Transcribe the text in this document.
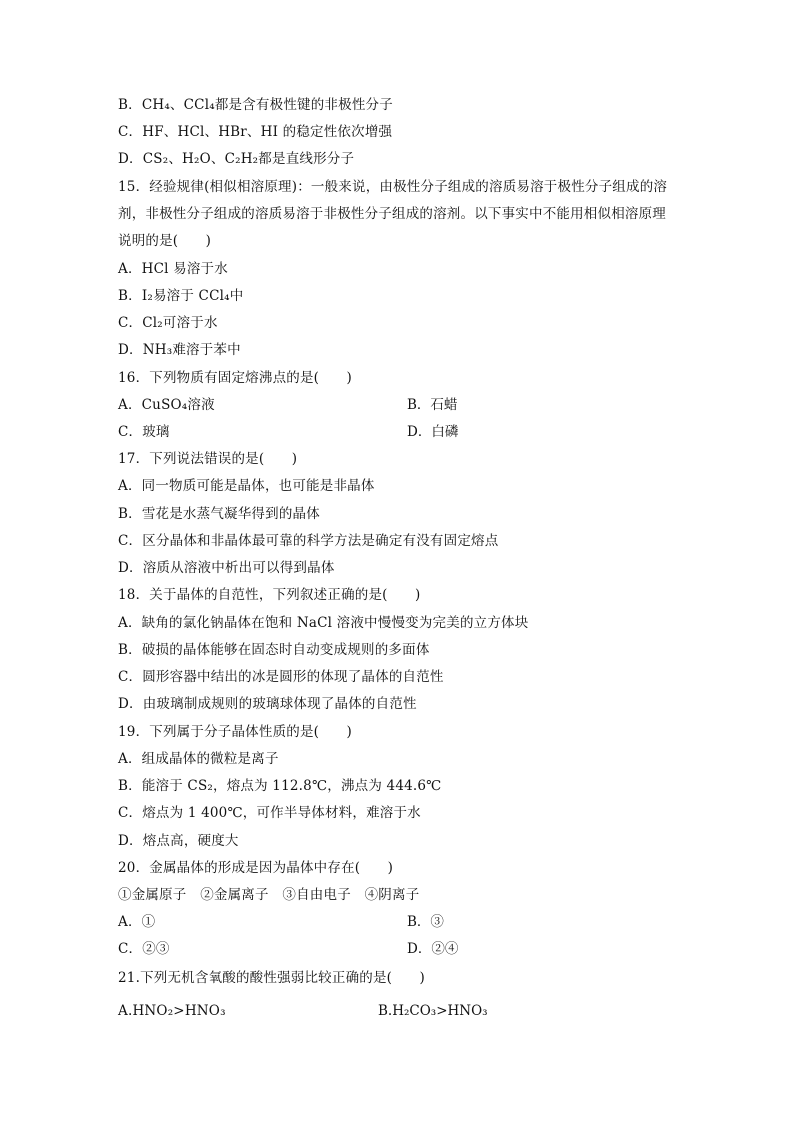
B．CH₄、CCl₄都是含有极性键的非极性分子
C．HF、HCl、HBr、HI 的稳定性依次增强
D．CS₂、H₂O、C₂H₂都是直线形分子
15．经验规律(相似相溶原理)：一般来说，由极性分子组成的溶质易溶于极性分子组成的溶
剂，非极性分子组成的溶质易溶于非极性分子组成的溶剂。以下事实中不能用相似相溶原理
说明的是(　　)
A．HCl 易溶于水
B．I₂易溶于 CCl₄中
C．Cl₂可溶于水
D．NH₃难溶于苯中
16．下列物质有固定熔沸点的是(　　)
A．CuSO₄溶液	B．石蜡
C．玻璃	D．白磷
17．下列说法错误的是(　　)
A．同一物质可能是晶体，也可能是非晶体
B．雪花是水蒸气凝华得到的晶体
C．区分晶体和非晶体最可靠的科学方法是确定有没有固定熔点
D．溶质从溶液中析出可以得到晶体
18．关于晶体的自范性，下列叙述正确的是(　　)
A．缺角的氯化钠晶体在饱和 NaCl 溶液中慢慢变为完美的立方体块
B．破损的晶体能够在固态时自动变成规则的多面体
C．圆形容器中结出的冰是圆形的体现了晶体的自范性
D．由玻璃制成规则的玻璃球体现了晶体的自范性
19．下列属于分子晶体性质的是(　　)
A．组成晶体的微粒是离子
B．能溶于 CS₂，熔点为 112.8℃，沸点为 444.6℃
C．熔点为 1 400℃，可作半导体材料，难溶于水
D．熔点高，硬度大
20．金属晶体的形成是因为晶体中存在(　　)
①金属原子　②金属离子　③自由电子　④阴离子
A．①	B．③
C．②③	D．②④
21.下列无机含氧酸的酸性强弱比较正确的是(　　)
A.HNO₂>HNO₃	B.H₂CO₃>HNO₃
